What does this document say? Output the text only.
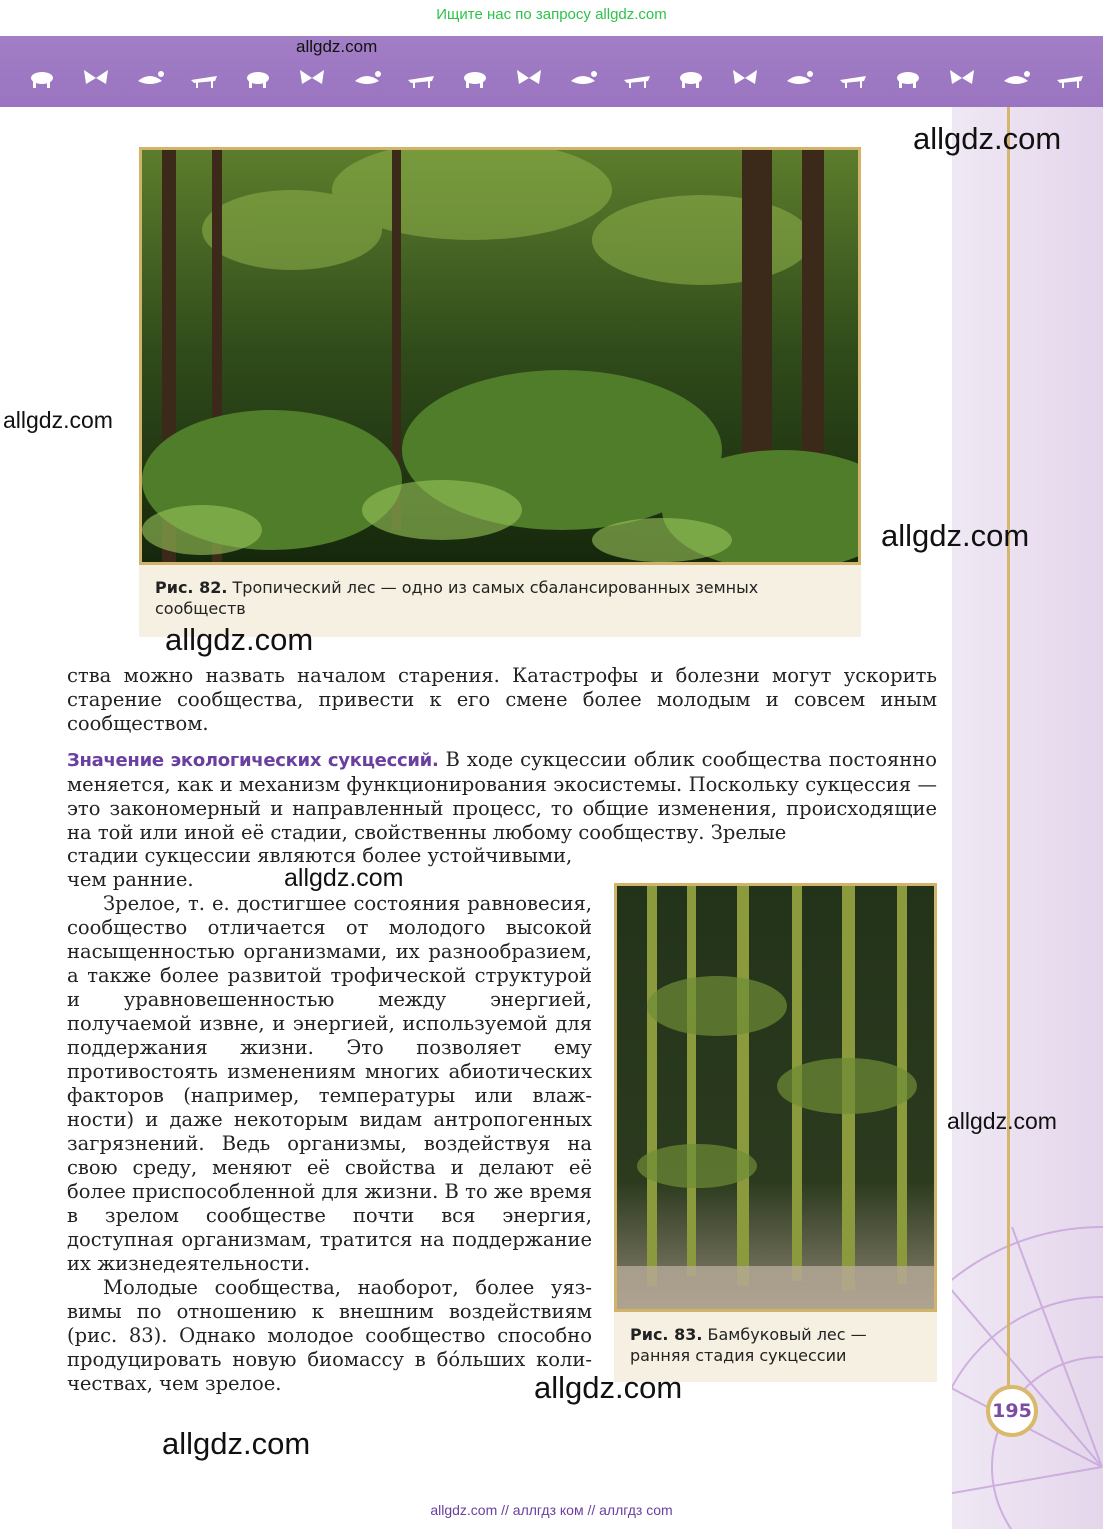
Ищите нас по запросу allgdz.com
allgdz.com
Рис. 82. Тропический лес — одно из самых сбалансированных земных сообществ

ства можно назвать началом старения. Катастрофы и болезни могут ускорить старение сообщества, привести к его смене более молодым и совсем иным сообществом.

Значение экологических сукцессий. В ходе сукцессии облик сообщества постоянно меняется, как и механизм функционирования экосистемы. Поскольку сукцессия — это закономерный и направленный процесс, то общие изменения, происходящие на той или иной её стадии, свойственны любому сообществу. Зрелые

стадии сукцессии являются более устойчивыми,

чем ранние.

Зрелое, т. е. достигшее состояния равновесия, сообщество отличается от молодого высокой насыщенностью организмами, их разнообразием, а также более развитой трофической структурой и уравновешенностью между энергией, получаемой извне, и энергией, используемой для поддержания жизни. Это позволяет ему противостоять изменениям многих абиотических факторов (например, температуры или влажности) и даже некоторым видам антропогенных загрязнений. Ведь организмы, воздействуя на свою среду, меняют её свойства и делают её более приспособленной для жизни. В то же время в зрелом сообществе почти вся энергия, доступная организмам, тратится на поддержание их жизнедеятельности.

Молодые сообщества, наоборот, более уязвимы по отношению к внешним воздействиям (рис. 83). Однако молодое сообщество способно продуцировать новую биомассу в бо́льших количествах, чем зрелое.

Рис. 83. Бамбуковый лес — ранняя стадия сукцессии
allgdz.com
allgdz.com
allgdz.com
allgdz.com
allgdz.com
allgdz.com
allgdz.com
allgdz.com
195
allgdz.com // аллгдз ком // аллгдз com
